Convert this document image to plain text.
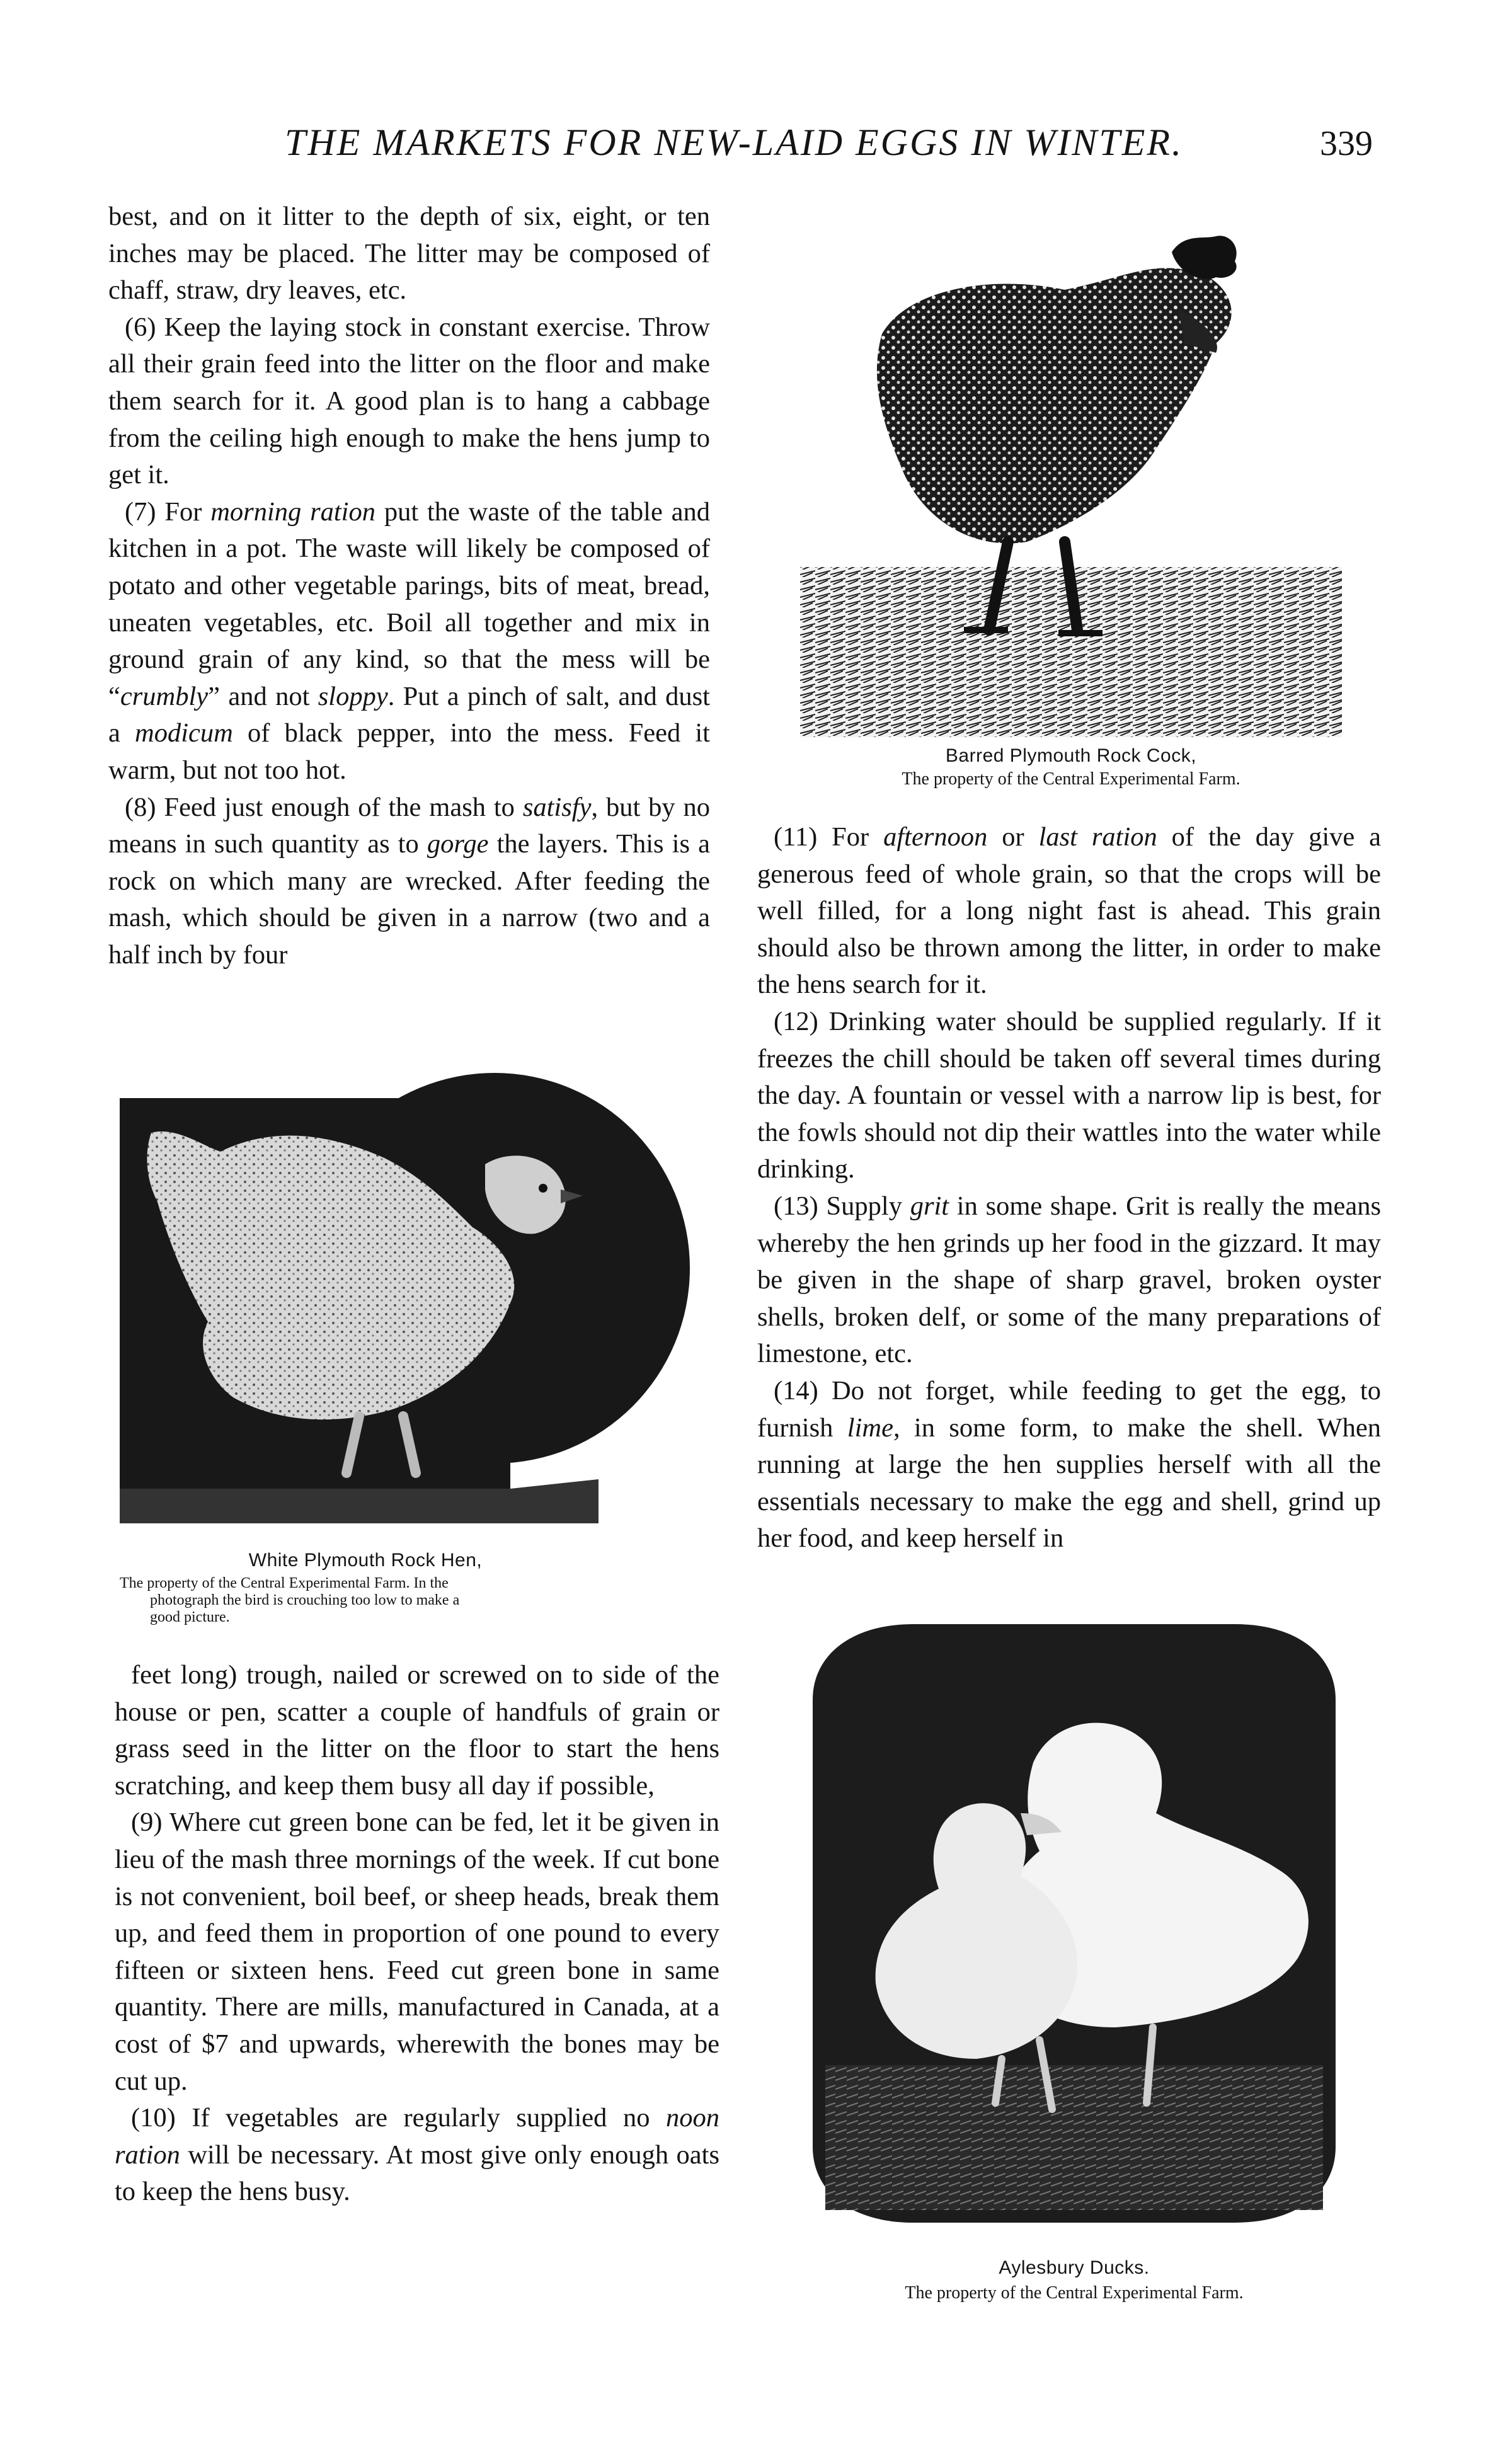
THE MARKETS FOR NEW-LAID EGGS IN WINTER.	339

best, and on it litter to the depth of six, eight, or ten inches may be placed. The litter may be composed of chaff, straw, dry leaves, etc.

(6) Keep the laying stock in constant exercise. Throw all their grain feed into the litter on the floor and make them search for it. A good plan is to hang a cabbage from the ceiling high enough to make the hens jump to get it.

(7) For morning ration put the waste of the table and kitchen in a pot. The waste will likely be composed of potato and other vegetable parings, bits of meat, bread, uneaten vegetables, etc. Boil all together and mix in ground grain of any kind, so that the mess will be “crumbly” and not sloppy. Put a pinch of salt, and dust a modicum of black pepper, into the mess. Feed it warm, but not too hot.

(8) Feed just enough of the mash to satisfy, but by no means in such quantity as to gorge the layers. This is a rock on which many are wrecked. After feeding the mash, which should be given in a narrow (two and a half inch by four

feet long) trough, nailed or screwed on to side of the house or pen, scatter a couple of handfuls of grain or grass seed in the litter on the floor to start the hens scratching, and keep them busy all day if possible,

(9) Where cut green bone can be fed, let it be given in lieu of the mash three mornings of the week. If cut bone is not convenient, boil beef, or sheep heads, break them up, and feed them in proportion of one pound to every fifteen or sixteen hens. Feed cut green bone in same quantity. There are mills, manufactured in Canada, at a cost of $7 and upwards, wherewith the bones may be cut up.

(10) If vegetables are regularly supplied no noon ration will be necessary. At most give only enough oats to keep the hens busy.

(11) For afternoon or last ration of the day give a generous feed of whole grain, so that the crops will be well filled, for a long night fast is ahead. This grain should also be thrown among the litter, in order to make the hens search for it.

(12) Drinking water should be supplied regularly. If it freezes the chill should be taken off several times during the day. A fountain or vessel with a narrow lip is best, for the fowls should not dip their wattles into the water while drinking.

(13) Supply grit in some shape. Grit is really the means whereby the hen grinds up her food in the gizzard. It may be given in the shape of sharp gravel, broken oyster shells, broken delf, or some of the many preparations of limestone, etc.

(14) Do not forget, while feeding to get the egg, to furnish lime, in some form, to make the shell. When running at large the hen supplies herself with all the essentials necessary to make the egg and shell, grind up her food, and keep herself in

Barred Plymouth Rock Cock,
The property of the Central Experimental Farm.
White Plymouth Rock Hen,
The property of the Central Experimental Farm. In the
photograph the bird is crouching too low to make a
good picture.
Aylesbury Ducks.
The property of the Central Experimental Farm.
